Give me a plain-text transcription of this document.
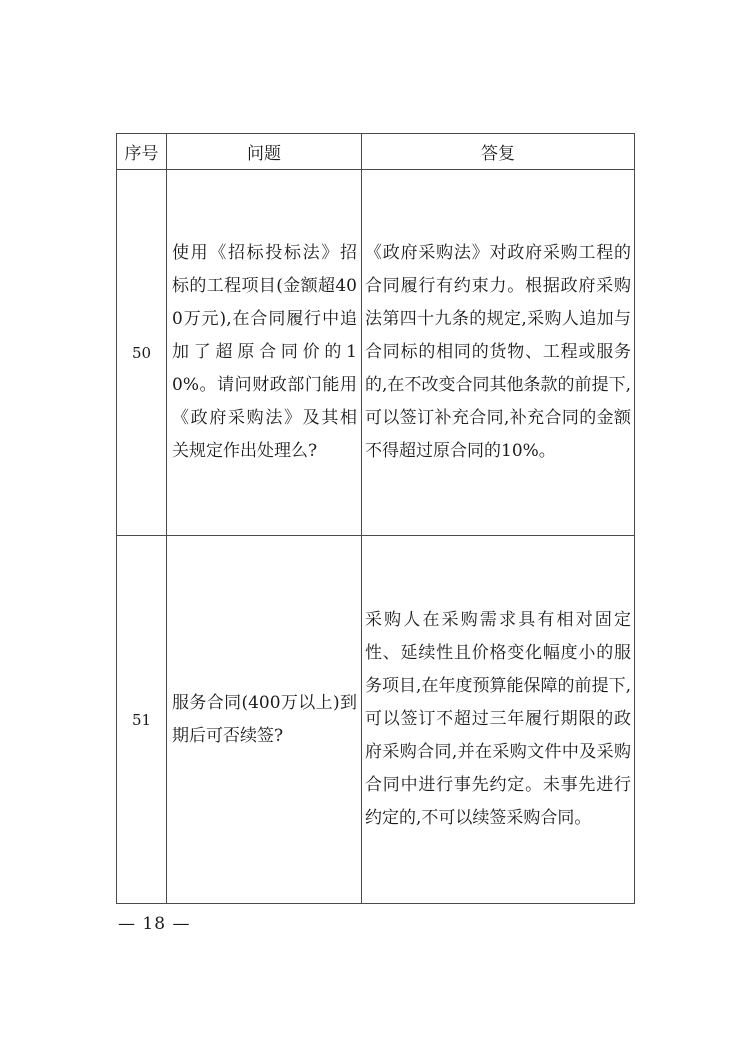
序号	问题	答复
50	使用《招标投标法》招标的工程项目(金额超400万元),在合同履行中追加了超原合同价的10%。请问财政部门能用《政府采购法》及其相关规定作出处理么?	《政府采购法》对政府采购工程的合同履行有约束力。根据政府采购法第四十九条的规定,采购人追加与合同标的相同的货物、工程或服务的,在不改变合同其他条款的前提下,可以签订补充合同,补充合同的金额不得超过原合同的10%。

51	服务合同(400万以上)到期后可否续签?	采购人在采购需求具有相对固定性、延续性且价格变化幅度小的服务项目,在年度预算能保障的前提下,可以签订不超过三年履行期限的政府采购合同,并在采购文件中及采购合同中进行事先约定。未事先进行约定的,不可以续签采购合同。
— 18 —
